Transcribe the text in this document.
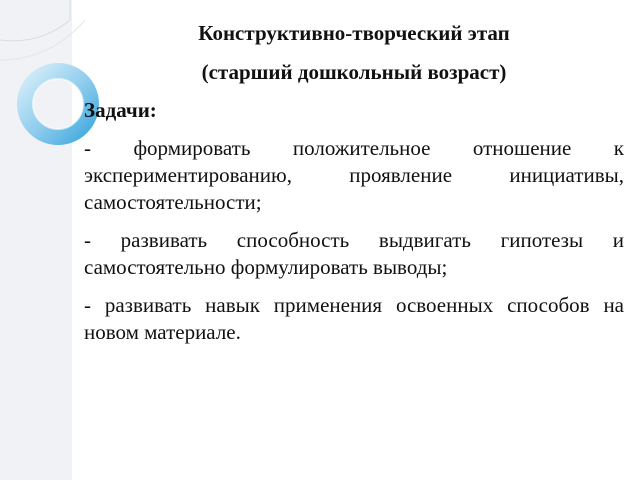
Конструктивно-творческий этап

(старший дошкольный возраст)

Задачи:

- формировать положительное отношение к экспериментированию, проявление инициативы, самостоятельности;

- развивать способность выдвигать гипотезы и самостоятельно формулировать выводы;

- развивать навык применения освоенных способов на новом материале.
